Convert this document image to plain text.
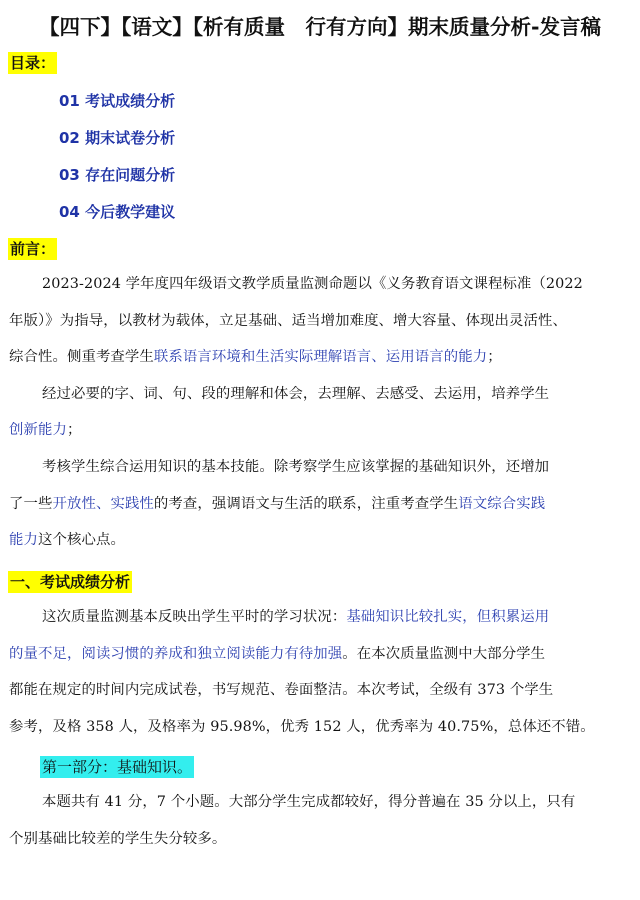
【四下】【语文】【析有质量　行有方向】期末质量分析-发言稿
目录：
01 考试成绩分析
02 期末试卷分析
03 存在问题分析
04 今后教学建议
前言：
2023-2024 学年度四年级语文教学质量监测命题以《义务教育语文课程标准（2022
年版）》为指导，以教材为载体，立足基础、适当增加难度、增大容量、体现出灵活性、
综合性。侧重考查学生联系语言环境和生活实际理解语言、运用语言的能力；
经过必要的字、词、句、段的理解和体会，去理解、去感受、去运用，培养学生
创新能力；
考核学生综合运用知识的基本技能。除考察学生应该掌握的基础知识外，还增加
了一些开放性、实践性的考查，强调语文与生活的联系，注重考查学生语文综合实践
能力这个核心点。
一、考试成绩分析
这次质量监测基本反映出学生平时的学习状况：基础知识比较扎实，但积累运用
的量不足，阅读习惯的养成和独立阅读能力有待加强。在本次质量监测中大部分学生
都能在规定的时间内完成试卷，书写规范、卷面整洁。本次考试，全级有 373 个学生
参考，及格 358 人，及格率为 95.98%，优秀 152 人，优秀率为 40.75%，总体还不错。
第一部分：基础知识。
本题共有 41 分，7 个小题。大部分学生完成都较好，得分普遍在 35 分以上，只有
个别基础比较差的学生失分较多。
